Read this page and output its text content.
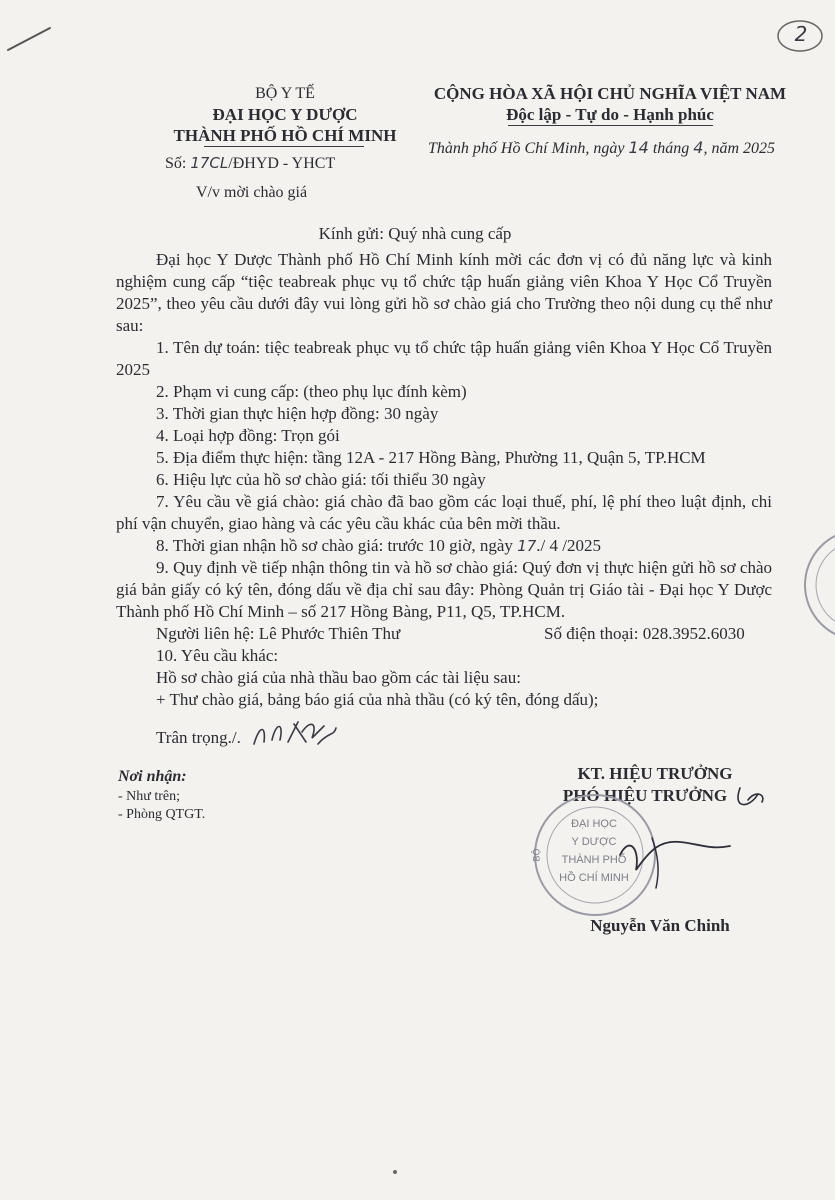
2
BỘ Y TẾ
ĐẠI HỌC Y DƯỢC
THÀNH PHỐ HỒ CHÍ MINH
Số: 17CL/ĐHYD - YHCT
V/v mời chào giá
CỘNG HÒA XÃ HỘI CHỦ NGHĨA VIỆT NAM
Độc lập - Tự do - Hạnh phúc
Thành phố Hồ Chí Minh, ngày 14 tháng 4, năm 2025
Kính gửi: Quý nhà cung cấp
Đại học Y Dược Thành phố Hồ Chí Minh kính mời các đơn vị có đủ năng lực và kinh nghiệm cung cấp “tiệc teabreak phục vụ tổ chức tập huấn giảng viên Khoa Y Học Cổ Truyền 2025”, theo yêu cầu dưới đây vui lòng gửi hồ sơ chào giá cho Trường theo nội dung cụ thể như sau:
1. Tên dự toán: tiệc teabreak phục vụ tổ chức tập huấn giảng viên Khoa Y Học Cổ Truyền 2025
2. Phạm vi cung cấp: (theo phụ lục đính kèm)
3. Thời gian thực hiện hợp đồng: 30 ngày
4. Loại hợp đồng: Trọn gói
5. Địa điểm thực hiện: tầng 12A - 217 Hồng Bàng, Phường 11, Quận 5, TP.HCM
6. Hiệu lực của hồ sơ chào giá: tối thiểu 30 ngày
7. Yêu cầu về giá chào: giá chào đã bao gồm các loại thuế, phí, lệ phí theo luật định, chi phí vận chuyển, giao hàng và các yêu cầu khác của bên mời thầu.
8. Thời gian nhận hồ sơ chào giá: trước 10 giờ, ngày 17./ 4 /2025
9. Quy định về tiếp nhận thông tin và hồ sơ chào giá: Quý đơn vị thực hiện gửi hồ sơ chào giá bản giấy có ký tên, đóng dấu về địa chỉ sau đây: Phòng Quản trị Giáo tài - Đại học Y Dược Thành phố Hồ Chí Minh – số 217 Hồng Bàng, P11, Q5, TP.HCM.
Người liên hệ: Lê Phước Thiên Thư	Số điện thoại: 028.3952.6030
10. Yêu cầu khác:
Hồ sơ chào giá của nhà thầu bao gồm các tài liệu sau:
+ Thư chào giá, bảng báo giá của nhà thầu (có ký tên, đóng dấu);
Trân trọng./.
Nơi nhận:
- Như trên;
- Phòng QTGT.
KT. HIỆU TRƯỞNG
PHÓ HIỆU TRƯỞNG
ĐẠI HỌC
Y DƯỢC
THÀNH PHỐ
HỒ CHÍ MINH
BỘ
Nguyễn Văn Chinh
